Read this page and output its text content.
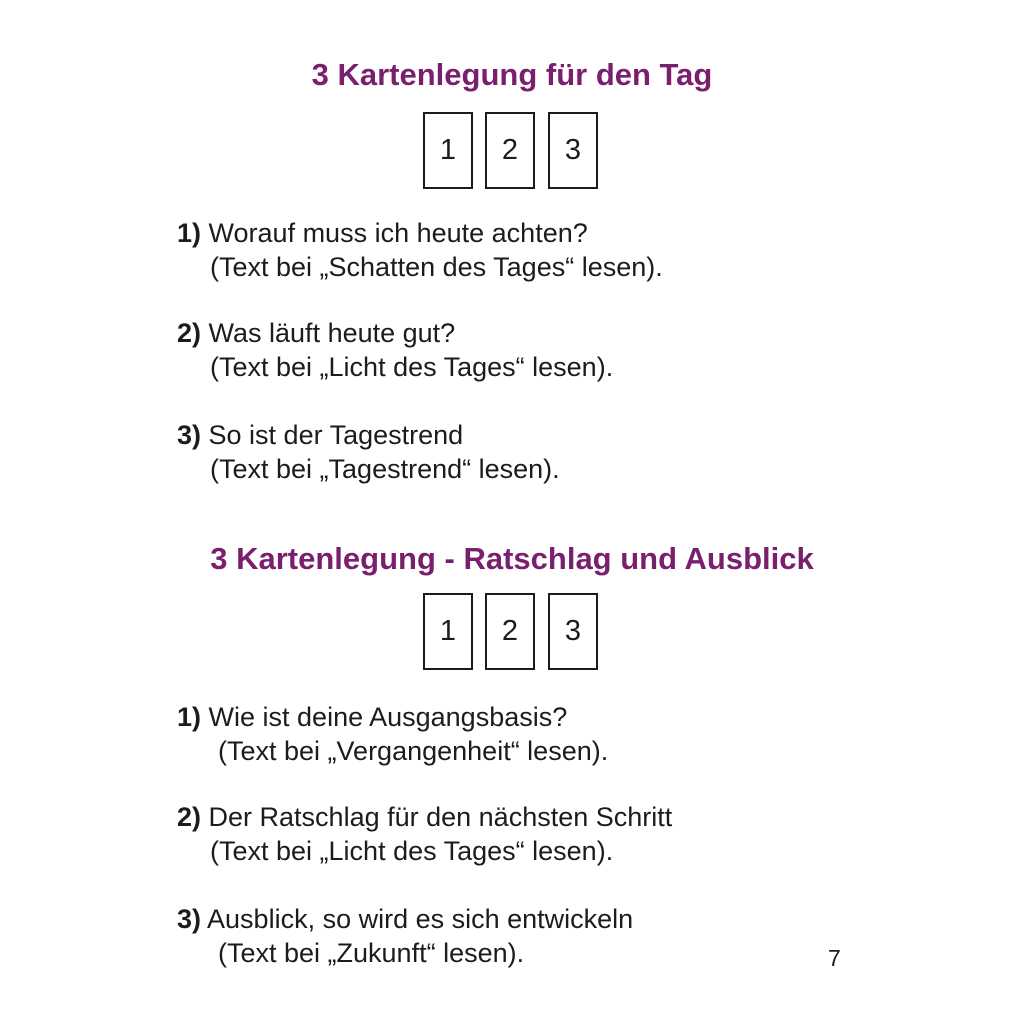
3 Kartenlegung für den Tag
1	2	3
1) Worauf muss ich heute achten?
(Text bei „Schatten des Tages“ lesen).
2) Was läuft heute gut?
(Text bei „Licht des Tages“ lesen).
3) So ist der Tagestrend
(Text bei „Tagestrend“ lesen).
3 Kartenlegung - Ratschlag und Ausblick
1	2	3
1) Wie ist deine Ausgangsbasis?
(Text bei „Vergangenheit“ lesen).
2) Der Ratschlag für den nächsten Schritt
(Text bei „Licht des Tages“ lesen).
3) Ausblick, so wird es sich entwickeln
(Text bei „Zukunft“ lesen).	7
